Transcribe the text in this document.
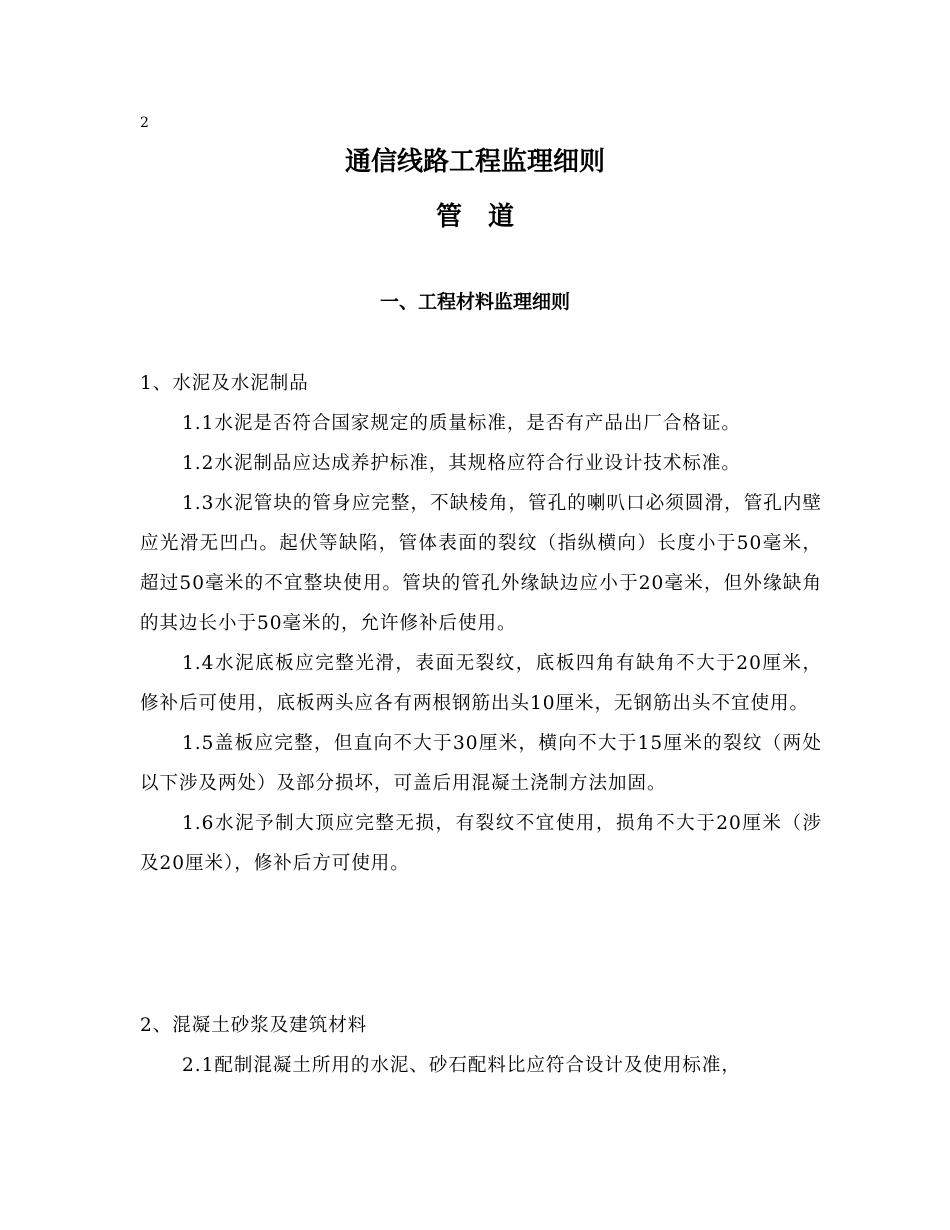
2
通信线路工程监理细则
管道
一、工程材料监理细则

1、水泥及水泥制品

1.1水泥是否符合国家规定的质量标准，是否有产品出厂合格证。

1.2水泥制品应达成养护标准，其规格应符合行业设计技术标准。

1.3水泥管块的管身应完整，不缺棱角，管孔的喇叭口必须圆滑，管孔内壁应光滑无凹凸。起伏等缺陷，管体表面的裂纹（指纵横向）长度小于50毫米，超过50毫米的不宜整块使用。管块的管孔外缘缺边应小于20毫米，但外缘缺角的其边长小于50毫米的，允许修补后使用。

1.4水泥底板应完整光滑，表面无裂纹，底板四角有缺角不大于20厘米，修补后可使用，底板两头应各有两根钢筋出头10厘米，无钢筋出头不宜使用。

1.5盖板应完整，但直向不大于30厘米，横向不大于15厘米的裂纹（两处以下涉及两处）及部分损坏，可盖后用混凝土浇制方法加固。

1.6水泥予制大顶应完整无损，有裂纹不宜使用，损角不大于20厘米（涉及20厘米），修补后方可使用。

2、混凝土砂浆及建筑材料

2.1配制混凝土所用的水泥、砂石配料比应符合设计及使用标准，
